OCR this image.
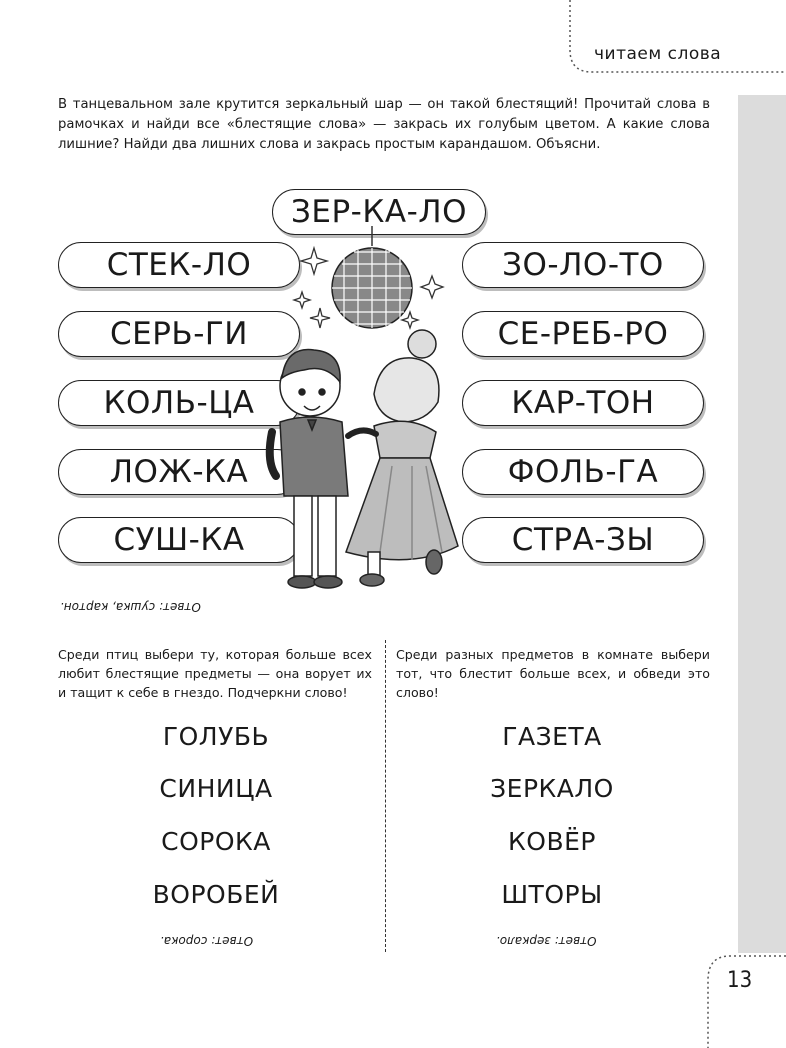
читаем слова
В танцевальном зале крутится зеркальный шар — он такой блестящий! Прочитай слова в рамочках и найди все «блестящие слова» — закрась их голубым цветом. А какие слова лишние? Найди два лишних слова и закрась простым карандашом. Объясни.
ЗЕР-КА-ЛО
СТЕК-ЛО
СЕРЬ-ГИ
КОЛЬ-ЦА
ЛОЖ-КА
СУШ-КА
ЗО-ЛО-ТО
СЕ-РЕБ-РО
КАР-ТОН
ФОЛЬ-ГА
СТРА-ЗЫ
Ответ: сушка, картон.
Среди птиц выбери ту, которая больше всех любит блестящие предметы — она ворует их и тащит к себе в гнездо. Подчеркни слово!
Среди разных предметов в комнате выбери тот, что блестит больше всех, и обведи это слово!
ГОЛУБЬ
СИНИЦА
СОРОКА
ВОРОБЕЙ
ГАЗЕТА
ЗЕРКАЛО
КОВЁР
ШТОРЫ
Ответ: сорока.	Ответ: зеркало.
13
